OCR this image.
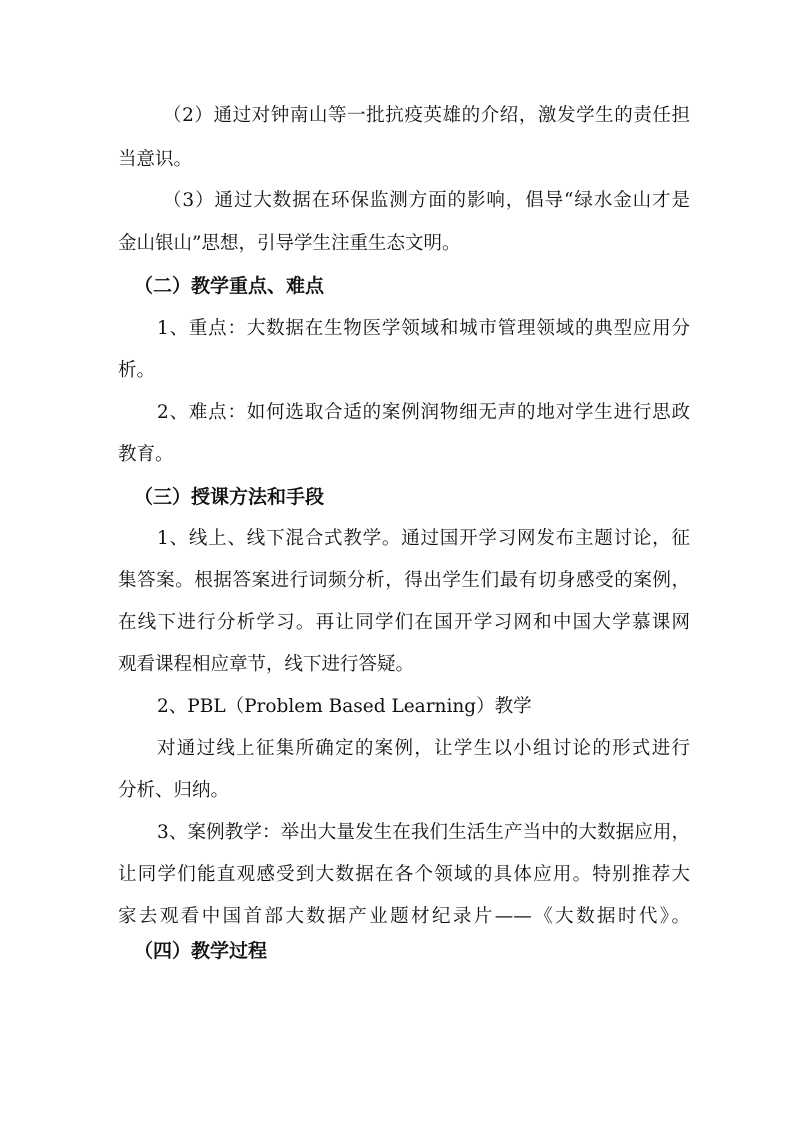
（2）通过对钟南山等一批抗疫英雄的介绍，激发学生的责任担
当意识。
（3）通过大数据在环保监测方面的影响，倡导“绿水金山才是
金山银山”思想，引导学生注重生态文明。
（二）教学重点、难点
1、重点：大数据在生物医学领域和城市管理领域的典型应用分
析。
2、难点：如何选取合适的案例润物细无声的地对学生进行思政
教育。
（三）授课方法和手段
1、线上、线下混合式教学。通过国开学习网发布主题讨论，征
集答案。根据答案进行词频分析，得出学生们最有切身感受的案例，
在线下进行分析学习。再让同学们在国开学习网和中国大学慕课网
观看课程相应章节，线下进行答疑。
2、PBL（Problem Based Learning）教学
对通过线上征集所确定的案例，让学生以小组讨论的形式进行
分析、归纳。
3、案例教学：举出大量发生在我们生活生产当中的大数据应用，
让同学们能直观感受到大数据在各个领域的具体应用。特别推荐大
家去观看中国首部大数据产业题材纪录片——《大数据时代》。
（四）教学过程
